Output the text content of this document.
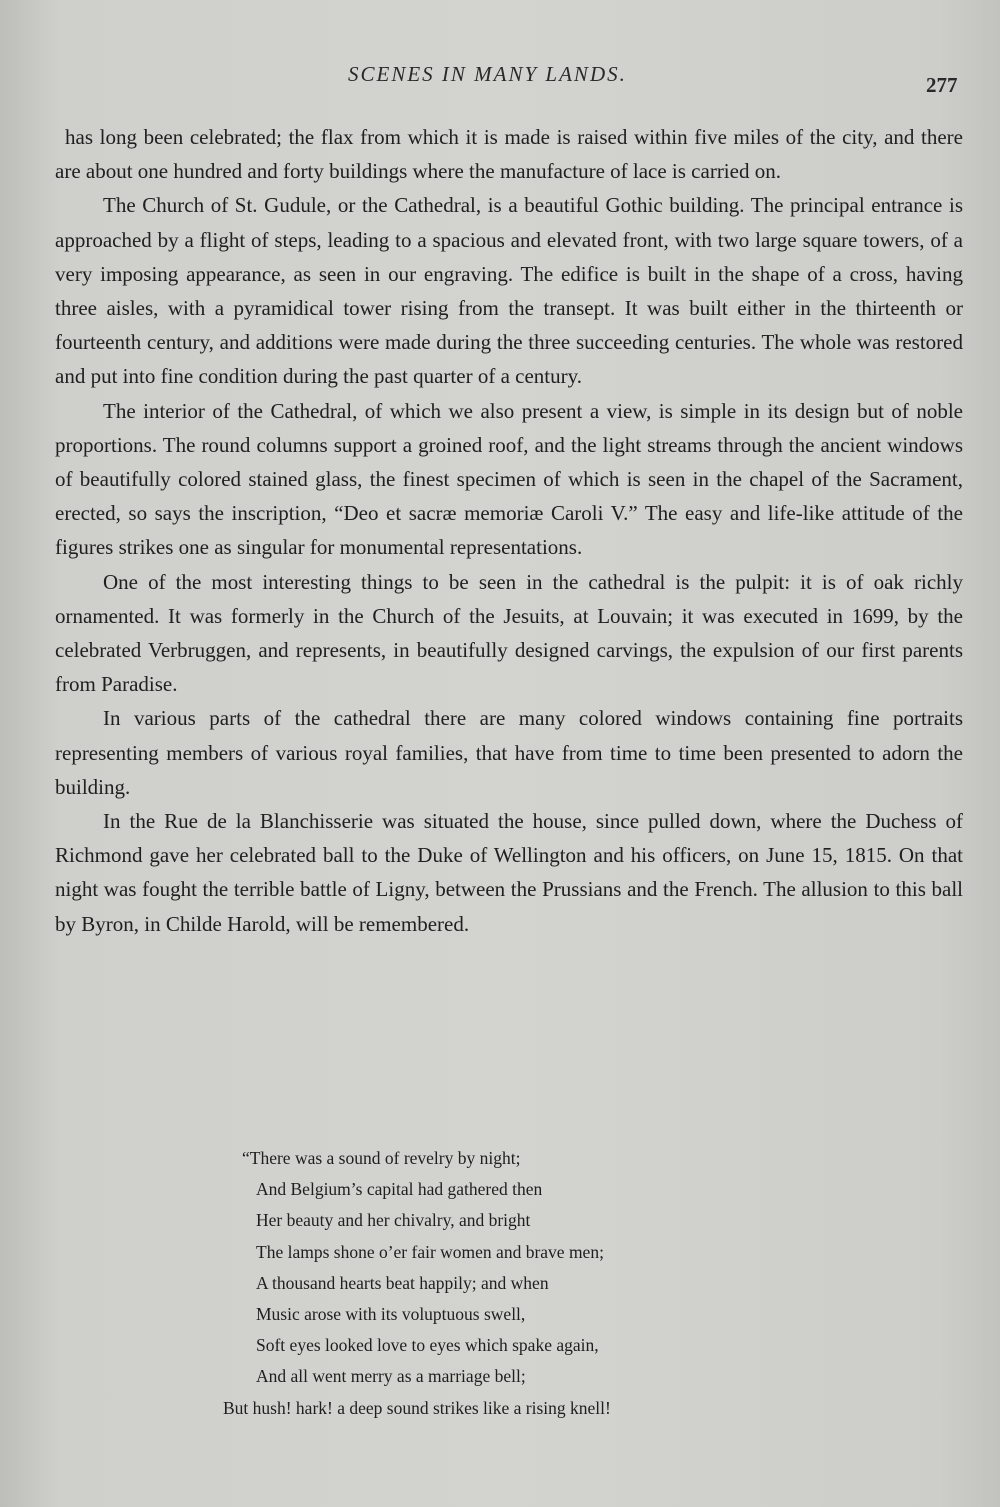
SCENES IN MANY LANDS.	277

has long been celebrated; the flax from which it is made is raised within five miles of the city, and there are about one hundred and forty buildings where the manufacture of lace is carried on.

The Church of St. Gudule, or the Cathedral, is a beautiful Gothic building. The principal entrance is approached by a flight of steps, leading to a spacious and elevated front, with two large square towers, of a very imposing appearance, as seen in our engraving. The edifice is built in the shape of a cross, having three aisles, with a pyramidical tower rising from the transept. It was built either in the thirteenth or fourteenth century, and additions were made during the three succeeding centuries. The whole was restored and put into fine condition during the past quarter of a century.

The interior of the Cathedral, of which we also present a view, is simple in its design but of noble proportions. The round columns support a groined roof, and the light streams through the ancient windows of beautifully colored stained glass, the finest specimen of which is seen in the chapel of the Sacrament, erected, so says the inscription, “Deo et sacræ memoriæ Caroli V.” The easy and life-like attitude of the figures strikes one as singular for monumental representations.

One of the most interesting things to be seen in the cathedral is the pulpit: it is of oak richly ornamented. It was formerly in the Church of the Jesuits, at Louvain; it was executed in 1699, by the celebrated Verbruggen, and represents, in beautifully designed carvings, the expulsion of our first parents from Paradise.

In various parts of the cathedral there are many colored windows containing fine portraits representing members of various royal families, that have from time to time been presented to adorn the building.

In the Rue de la Blanchisserie was situated the house, since pulled down, where the Duchess of Richmond gave her celebrated ball to the Duke of Wellington and his officers, on June 15, 1815. On that night was fought the terrible battle of Ligny, between the Prussians and the French. The allusion to this ball by Byron, in Childe Harold, will be remembered.

“There was a sound of revelry by night;
And Belgium’s capital had gathered then
Her beauty and her chivalry, and bright
The lamps shone o’er fair women and brave men;
A thousand hearts beat happily; and when
Music arose with its voluptuous swell,
Soft eyes looked love to eyes which spake again,
And all went merry as a marriage bell;
But hush! hark! a deep sound strikes like a rising knell!
